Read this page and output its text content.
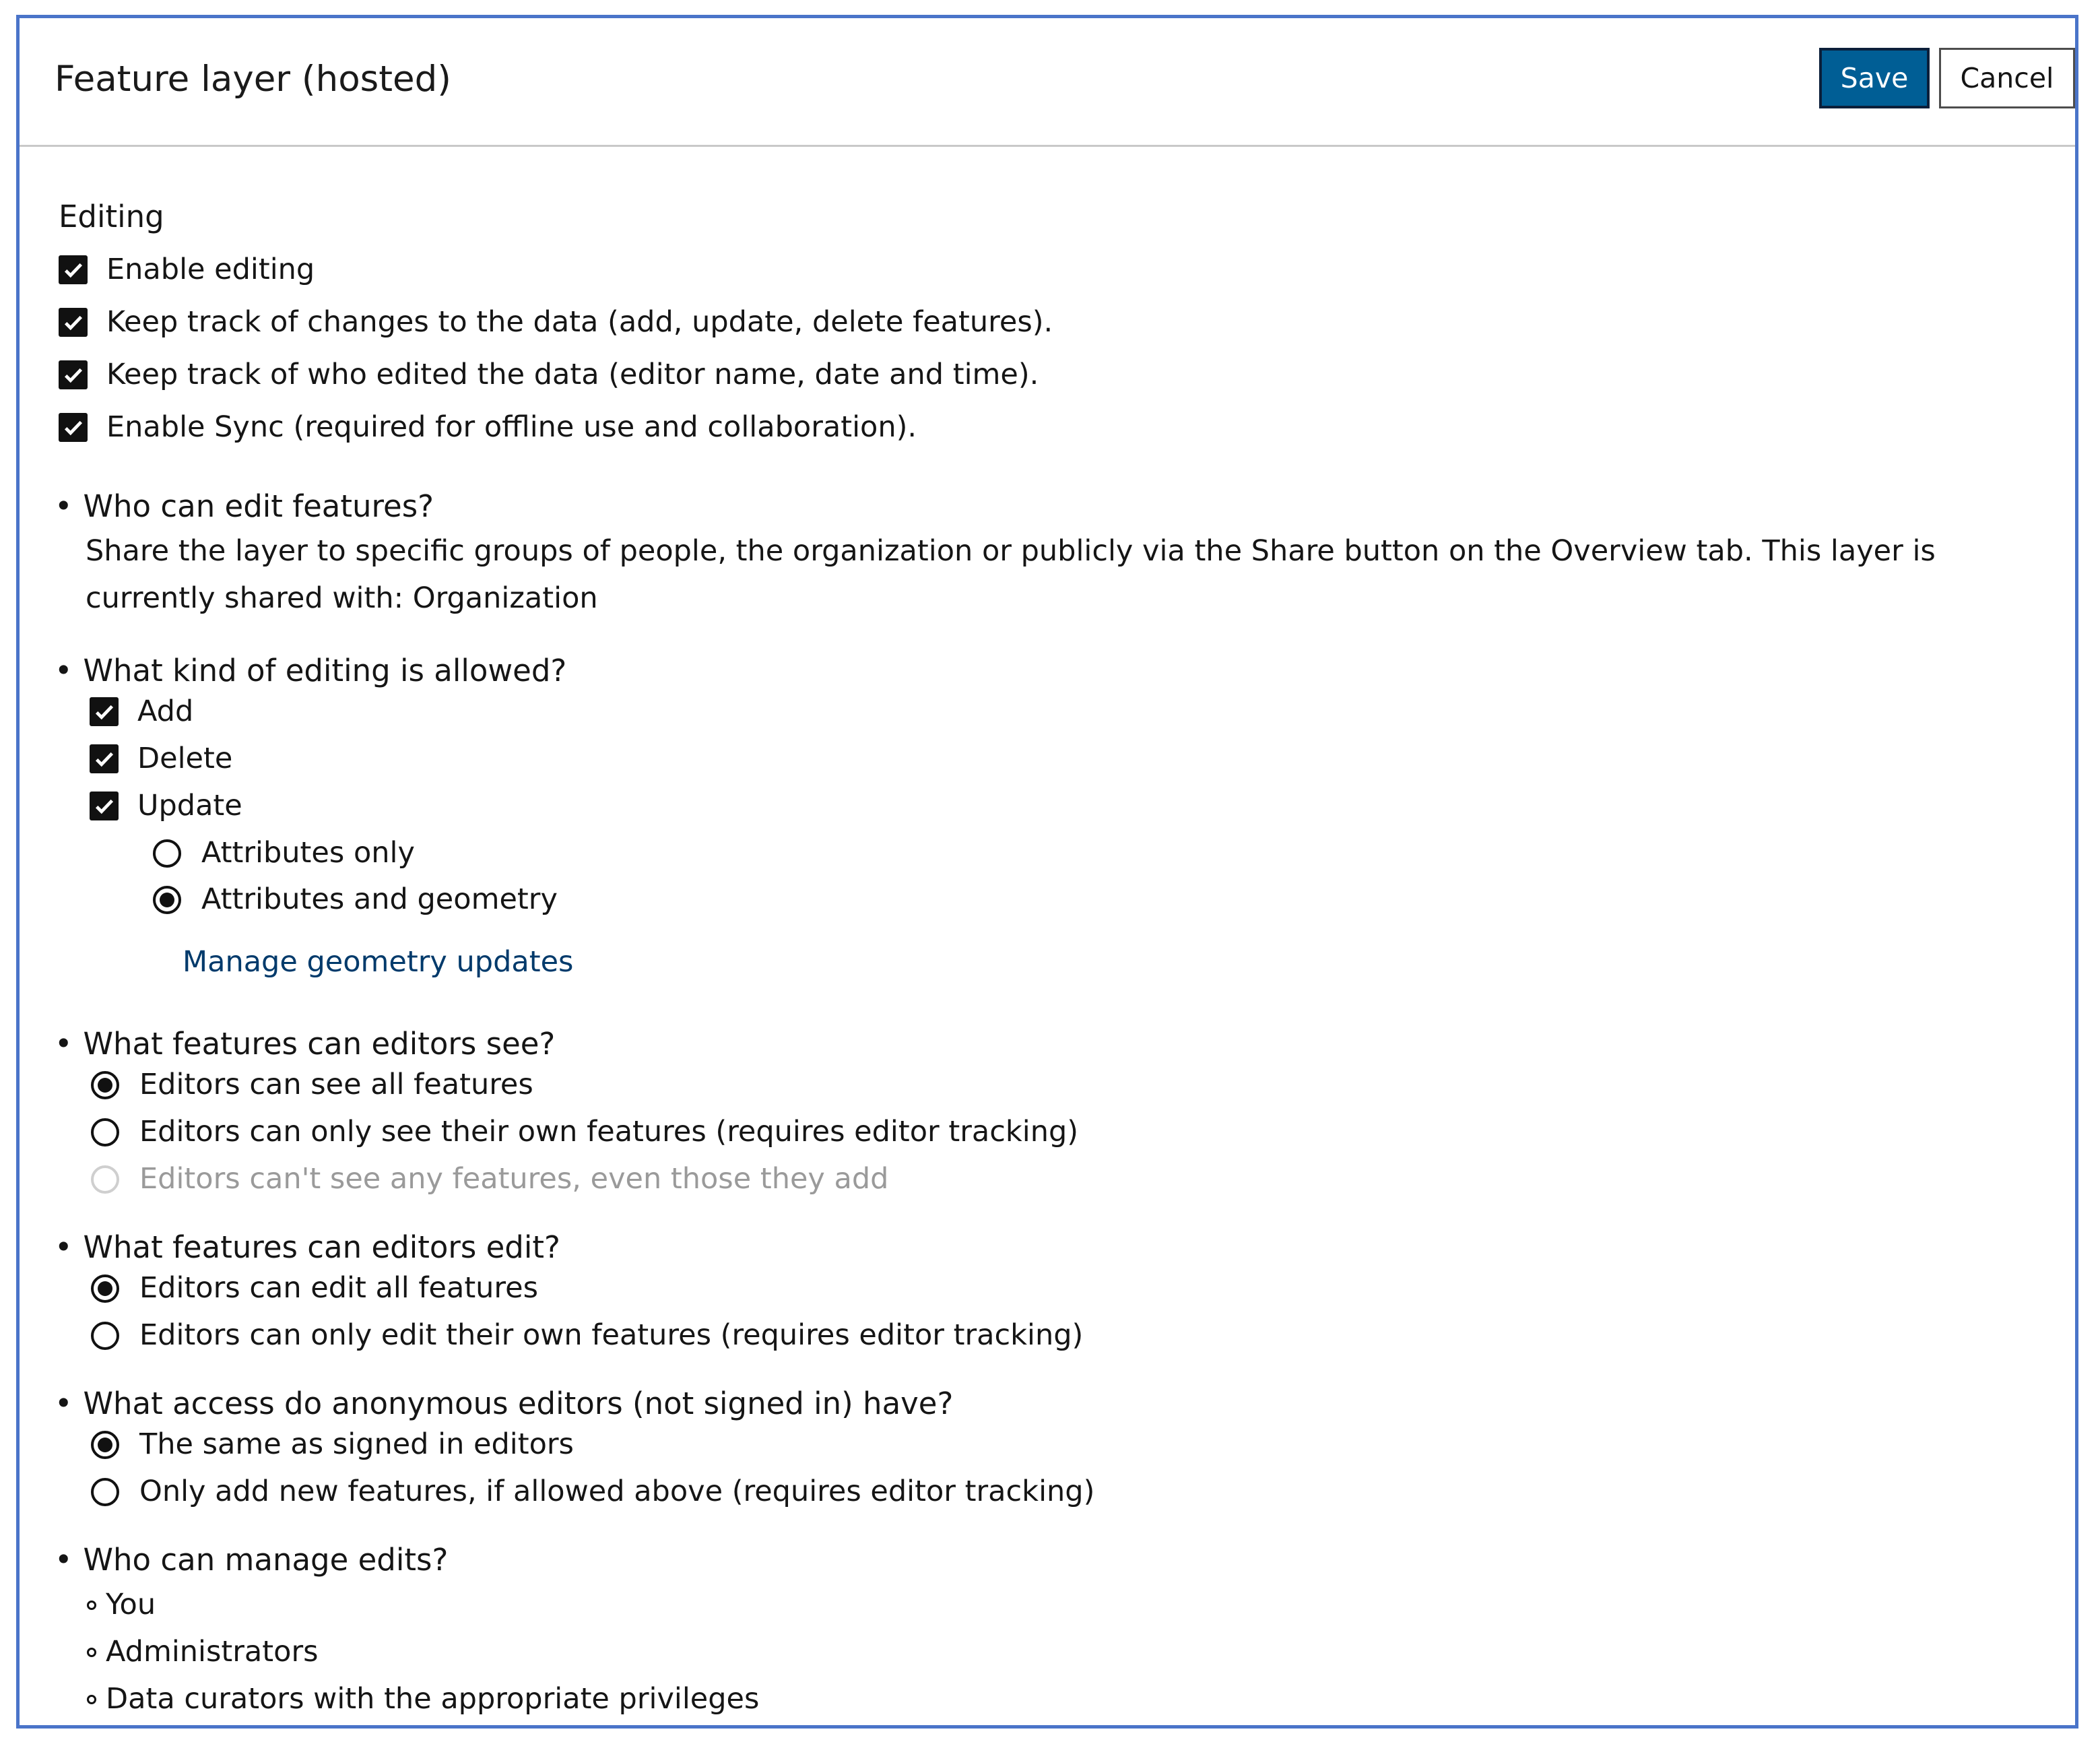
Feature layer (hosted)	Save	Cancel
Editing
Enable editing
Keep track of changes to the data (add, update, delete features).
Keep track of who edited the data (editor name, date and time).
Enable Sync (required for offline use and collaboration).
• Who can edit features?
Share the layer to specific groups of people, the organization or publicly via the Share button on the Overview tab. This layer is currently shared with: Organization
• What kind of editing is allowed?
Add
Delete
Update
Attributes only
Attributes and geometry
Manage geometry updates
• What features can editors see?
Editors can see all features
Editors can only see their own features (requires editor tracking)
Editors can't see any features, even those they add
• What features can editors edit?
Editors can edit all features
Editors can only edit their own features (requires editor tracking)
• What access do anonymous editors (not signed in) have?
The same as signed in editors
Only add new features, if allowed above (requires editor tracking)
• Who can manage edits?
You
Administrators
Data curators with the appropriate privileges
